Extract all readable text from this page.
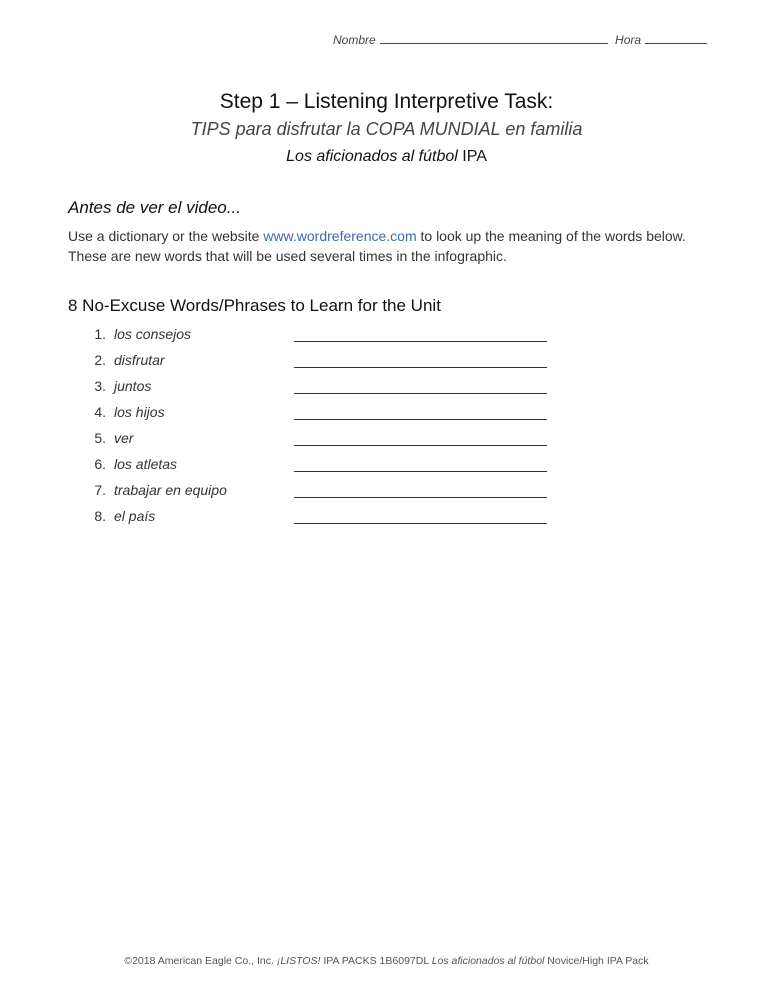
Nombre	Hora
Step 1 – Listening Interpretive Task:
TIPS para disfrutar la COPA MUNDIAL en familia
Los aficionados al fútbol IPA
Antes de ver el video...
Use a dictionary or the website www.wordreference.com to look up the meaning of the words below. These are new words that will be used several times in the infographic.
8 No-Excuse Words/Phrases to Learn for the Unit
1. los consejos
2. disfrutar
3. juntos
4. los hijos
5. ver
6. los atletas
7. trabajar en equipo
8. el país
©2018 American Eagle Co., Inc. ¡LISTOS! IPA PACKS 1B6097DL Los aficionados al fútbol Novice/High IPA Pack
